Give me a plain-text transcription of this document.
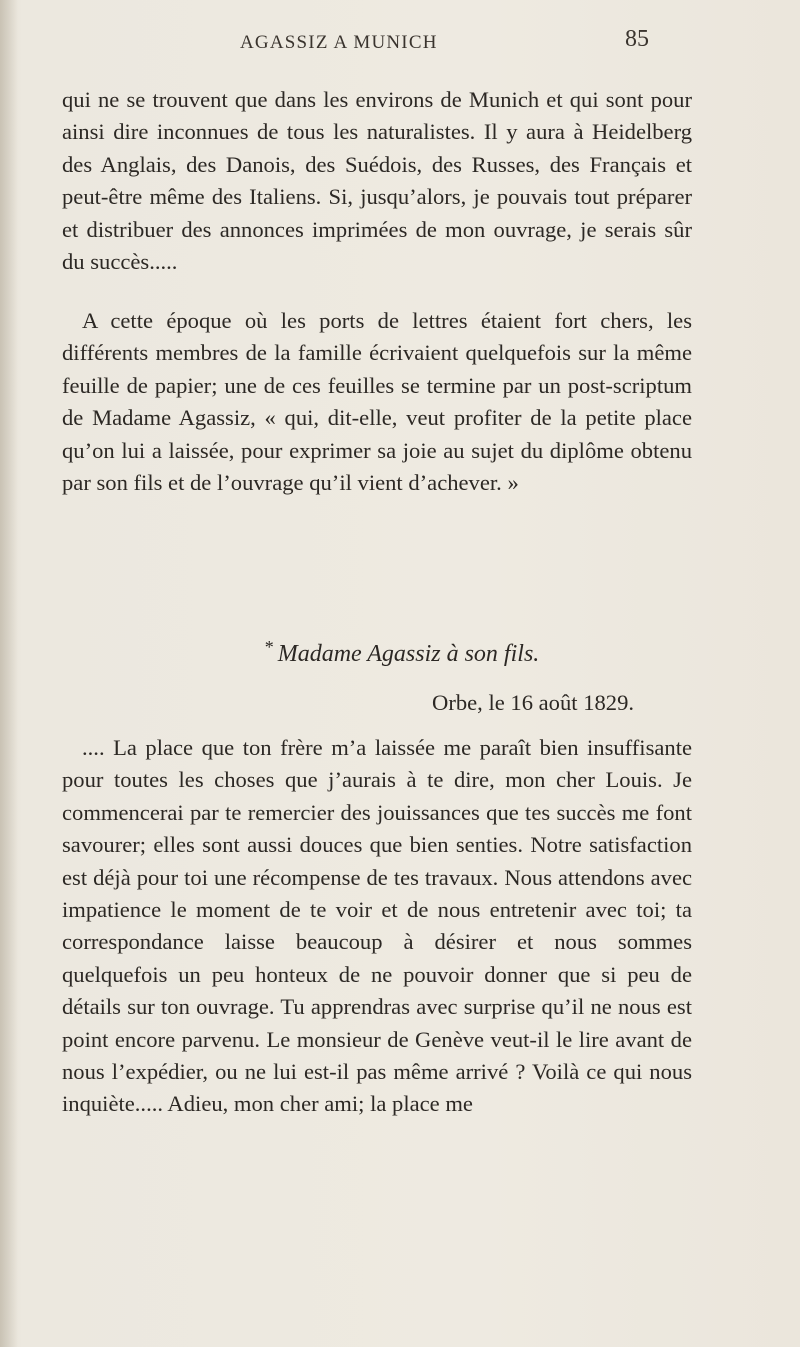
AGASSIZ A MUNICH	85
qui ne se trouvent que dans les environs de Munich et qui sont pour ainsi dire inconnues de tous les naturalistes. Il y aura à Heidelberg des Anglais, des Danois, des Suédois, des Russes, des Français et peut-être même des Italiens. Si, jusqu’alors, je pouvais tout préparer et distribuer des annonces imprimées de mon ouvrage, je serais sûr du succès.....
A cette époque où les ports de lettres étaient fort chers, les différents membres de la famille écrivaient quelquefois sur la même feuille de papier; une de ces feuilles se termine par un post-scriptum de Madame Agassiz, « qui, dit-elle, veut profiter de la petite place qu’on lui a laissée, pour exprimer sa joie au sujet du diplôme obtenu par son fils et de l’ouvrage qu’il vient d’achever. »
* Madame Agassiz à son fils.
Orbe, le 16 août 1829.
.... La place que ton frère m’a laissée me paraît bien insuffisante pour toutes les choses que j’aurais à te dire, mon cher Louis. Je commencerai par te remercier des jouissances que tes succès me font savourer; elles sont aussi douces que bien senties. Notre satisfaction est déjà pour toi une récompense de tes travaux. Nous attendons avec impatience le moment de te voir et de nous entretenir avec toi; ta correspondance laisse beaucoup à désirer et nous sommes quelquefois un peu honteux de ne pouvoir donner que si peu de détails sur ton ouvrage. Tu apprendras avec surprise qu’il ne nous est point encore parvenu. Le monsieur de Genève veut-il le lire avant de nous l’expédier, ou ne lui est-il pas même arrivé ? Voilà ce qui nous inquiète..... Adieu, mon cher ami; la place me
